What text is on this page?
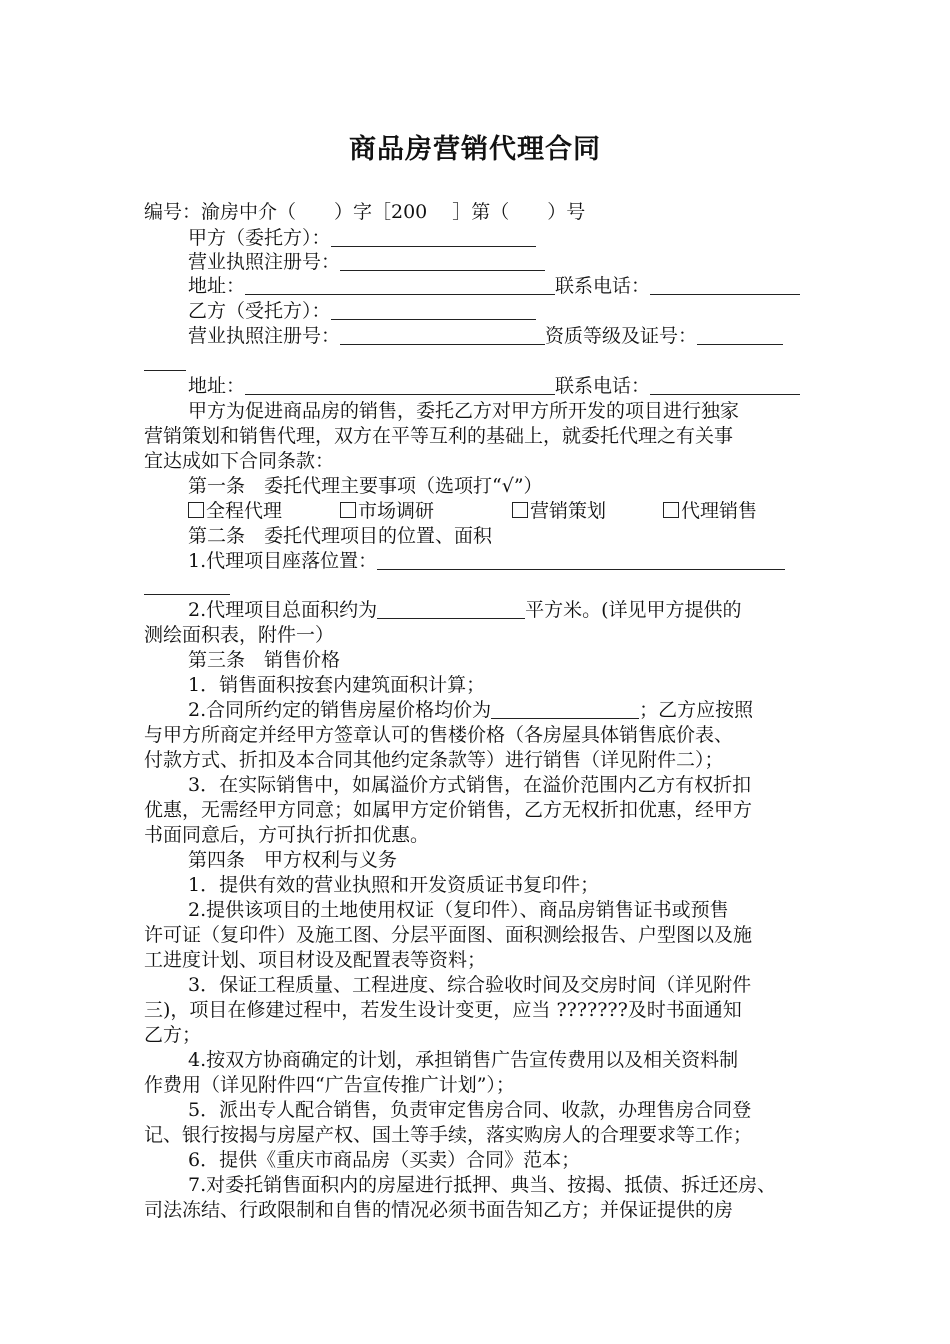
商品房营销代理合同
编号：渝房中介（　　）字［200　 ］第（　　）号
甲方（委托方）：
营业执照注册号：
地址：	联系电话：
乙方（受托方）：
营业执照注册号：	资质等级及证号：
地址：	联系电话：
甲方为促进商品房的销售，委托乙方对甲方所开发的项目进行独家
营销策划和销售代理，双方在平等互利的基础上，就委托代理之有关事
宜达成如下合同条款：
第一条　委托代理主要事项（选项打“√”）
全程代理	市场调研	营销策划	代理销售
第二条　委托代理项目的位置、面积
1.代理项目座落位置：
2.代理项目总面积约为	平方米。(详见甲方提供的
测绘面积表，附件一）
第三条　销售价格
1．销售面积按套内建筑面积计算；
2.合同所约定的销售房屋价格均价为	；乙方应按照
与甲方所商定并经甲方签章认可的售楼价格（各房屋具体销售底价表、
付款方式、折扣及本合同其他约定条款等）进行销售（详见附件二）；
3．在实际销售中，如属溢价方式销售，在溢价范围内乙方有权折扣
优惠，无需经甲方同意；如属甲方定价销售，乙方无权折扣优惠，经甲方
书面同意后，方可执行折扣优惠。
第四条　甲方权利与义务
1．提供有效的营业执照和开发资质证书复印件；
2.提供该项目的土地使用权证（复印件）、商品房销售证书或预售
许可证（复印件）及施工图、分层平面图、面积测绘报告、户型图以及施
工进度计划、项目材设及配置表等资料；
3．保证工程质量、工程进度、综合验收时间及交房时间（详见附件
三)，项目在修建过程中，若发生设计变更，应当 ???????及时书面通知
乙方；
4.按双方协商确定的计划，承担销售广告宣传费用以及相关资料制
作费用（详见附件四“广告宣传推广计划”）；
5．派出专人配合销售，负责审定售房合同、收款，办理售房合同登
记、银行按揭与房屋产权、国土等手续，落实购房人的合理要求等工作；
6．提供《重庆市商品房（买卖）合同》范本；
7.对委托销售面积内的房屋进行抵押、典当、按揭、抵债、拆迁还房、
司法冻结、行政限制和自售的情况必须书面告知乙方；并保证提供的房
